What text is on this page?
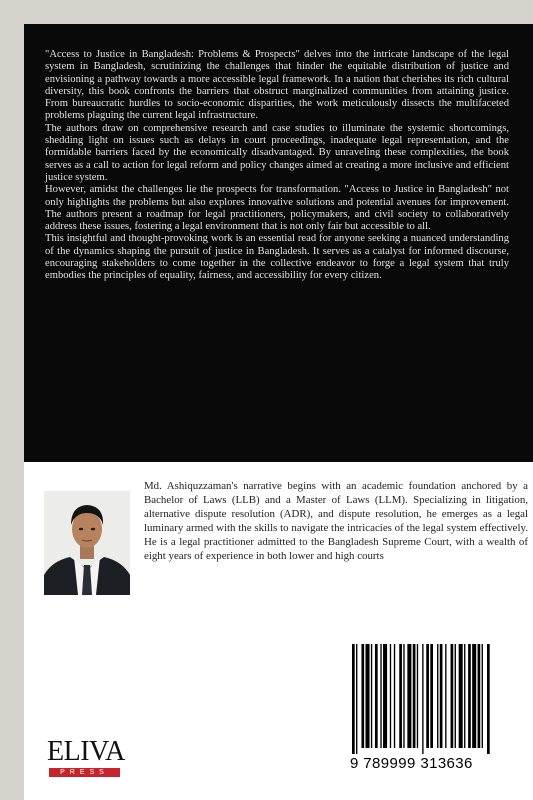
"Access to Justice in Bangladesh: Problems & Prospects" delves into the intricate landscape of the legal system in Bangladesh, scrutinizing the challenges that hinder the equitable distribution of justice and envisioning a pathway towards a more accessible legal framework. In a nation that cherishes its rich cultural diversity, this book confronts the barriers that obstruct marginalized communities from attaining justice. From bureaucratic hurdles to socio-economic disparities, the work meticulously dissects the multifaceted problems plaguing the current legal infrastructure.

The authors draw on comprehensive research and case studies to illuminate the systemic shortcomings, shedding light on issues such as delays in court proceedings, inadequate legal representation, and the formidable barriers faced by the economically disadvantaged. By unraveling these complexities, the book serves as a call to action for legal reform and policy changes aimed at creating a more inclusive and efficient justice system.

However, amidst the challenges lie the prospects for transformation. "Access to Justice in Bangladesh" not only highlights the problems but also explores innovative solutions and potential avenues for improvement. The authors present a roadmap for legal practitioners, policymakers, and civil society to collaboratively address these issues, fostering a legal environment that is not only fair but accessible to all.

This insightful and thought-provoking work is an essential read for anyone seeking a nuanced understanding of the dynamics shaping the pursuit of justice in Bangladesh. It serves as a catalyst for informed discourse, encouraging stakeholders to come together in the collective endeavor to forge a legal system that truly embodies the principles of equality, fairness, and accessibility for every citizen.

Md. Ashiquzzaman's narrative begins with an academic foundation anchored by a Bachelor of Laws (LLB) and a Master of Laws (LLM). Specializing in litigation, alternative dispute resolution (ADR), and dispute resolution, he emerges as a legal luminary armed with the skills to navigate the intricacies of the legal system effectively. He is a legal practitioner admitted to the Bangladesh Supreme Court, with a wealth of eight years of experience in both lower and high courts
9 789999 313636
ELIVA
PRESS
